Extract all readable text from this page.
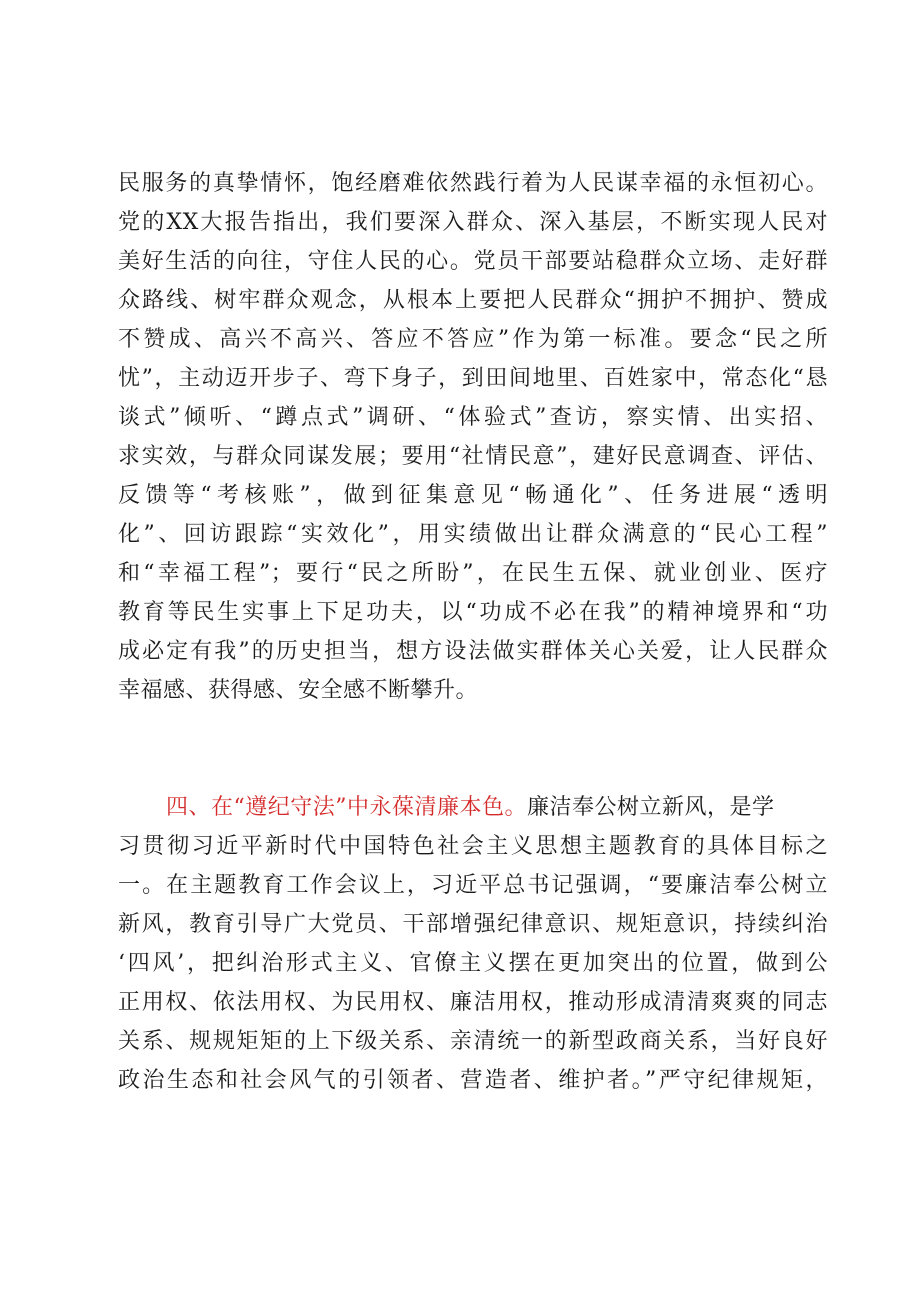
民服务的真挚情怀，饱经磨难依然践行着为人民谋幸福的永恒初心。
党的XX大报告指出，我们要深入群众、深入基层，不断实现人民对
美好生活的向往，守住人民的心。党员干部要站稳群众立场、走好群
众路线、树牢群众观念，从根本上要把人民群众“拥护不拥护、赞成
不赞成、高兴不高兴、答应不答应”作为第一标准。要念“民之所
忧”，主动迈开步子、弯下身子，到田间地里、百姓家中，常态化“恳
谈式”倾听、“蹲点式”调研、“体验式”查访，察实情、出实招、
求实效，与群众同谋发展；要用“社情民意”，建好民意调查、评估、
反馈等“考核账”，做到征集意见“畅通化”、任务进展“透明
化”、回访跟踪“实效化”，用实绩做出让群众满意的“民心工程”
和“幸福工程”；要行“民之所盼”，在民生五保、就业创业、医疗
教育等民生实事上下足功夫，以“功成不必在我”的精神境界和“功
成必定有我”的历史担当，想方设法做实群体关心关爱，让人民群众
幸福感、获得感、安全感不断攀升。
四、在“遵纪守法”中永葆清廉本色。廉洁奉公树立新风，是学
习贯彻习近平新时代中国特色社会主义思想主题教育的具体目标之
一。在主题教育工作会议上，习近平总书记强调，“要廉洁奉公树立
新风，教育引导广大党员、干部增强纪律意识、规矩意识，持续纠治
‘四风’，把纠治形式主义、官僚主义摆在更加突出的位置，做到公
正用权、依法用权、为民用权、廉洁用权，推动形成清清爽爽的同志
关系、规规矩矩的上下级关系、亲清统一的新型政商关系，当好良好
政治生态和社会风气的引领者、营造者、维护者。”严守纪律规矩，
